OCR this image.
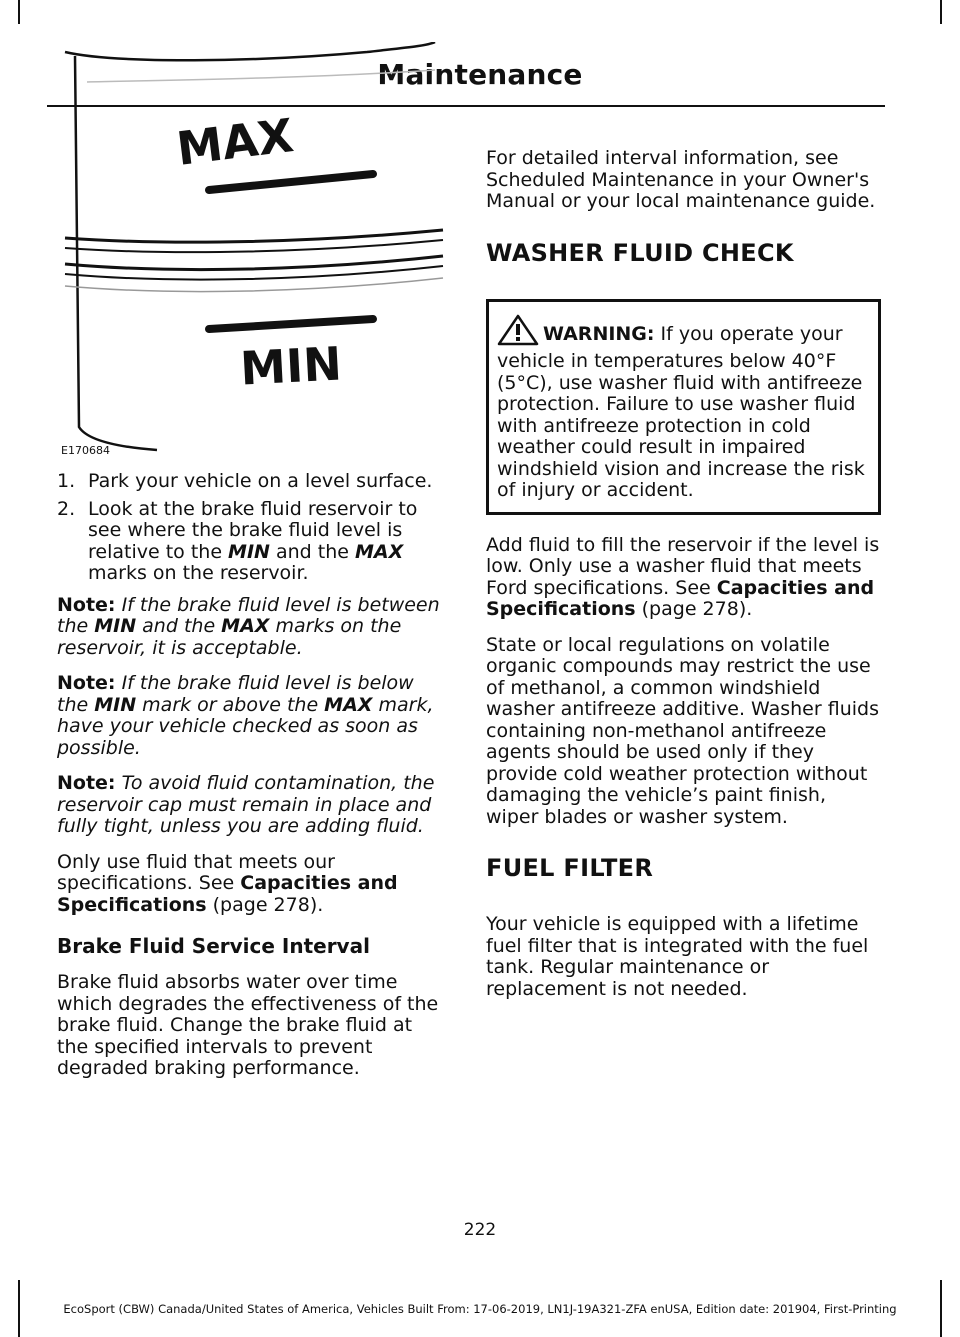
Maintenance
MAX
MIN
E170684
1. Park your vehicle on a level surface.
2. Look at the brake fluid reservoir to see where the brake fluid level is relative to the MIN and the MAX marks on the reservoir.

Note: If the brake fluid level is between the MIN and the MAX marks on the reservoir, it is acceptable.

Note: If the brake fluid level is below the MIN mark or above the MAX mark, have your vehicle checked as soon as possible.

Note: To avoid fluid contamination, the reservoir cap must remain in place and fully tight, unless you are adding fluid.

Only use fluid that meets our specifications. See Capacities and Specifications (page 278).

Brake Fluid Service Interval

Brake fluid absorbs water over time which degrades the effectiveness of the brake fluid. Change the brake fluid at the specified intervals to prevent degraded braking performance.

For detailed interval information, see Scheduled Maintenance in your Owner's Manual or your local maintenance guide.

WASHER FLUID CHECK
WARNING: If you operate your vehicle in temperatures below 40°F (5°C), use washer fluid with antifreeze protection. Failure to use washer fluid with antifreeze protection in cold weather could result in impaired windshield vision and increase the risk of injury or accident.

Add fluid to fill the reservoir if the level is low. Only use a washer fluid that meets Ford specifications. See Capacities and Specifications (page 278).

State or local regulations on volatile organic compounds may restrict the use of methanol, a common windshield washer antifreeze additive. Washer fluids containing non-methanol antifreeze agents should be used only if they provide cold weather protection without damaging the vehicle’s paint finish, wiper blades or washer system.

FUEL FILTER

Your vehicle is equipped with a lifetime fuel filter that is integrated with the fuel tank. Regular maintenance or replacement is not needed.

222
EcoSport (CBW) Canada/United States of America, Vehicles Built From: 17-06-2019, LN1J-19A321-ZFA enUSA, Edition date: 201904, First-Printing
